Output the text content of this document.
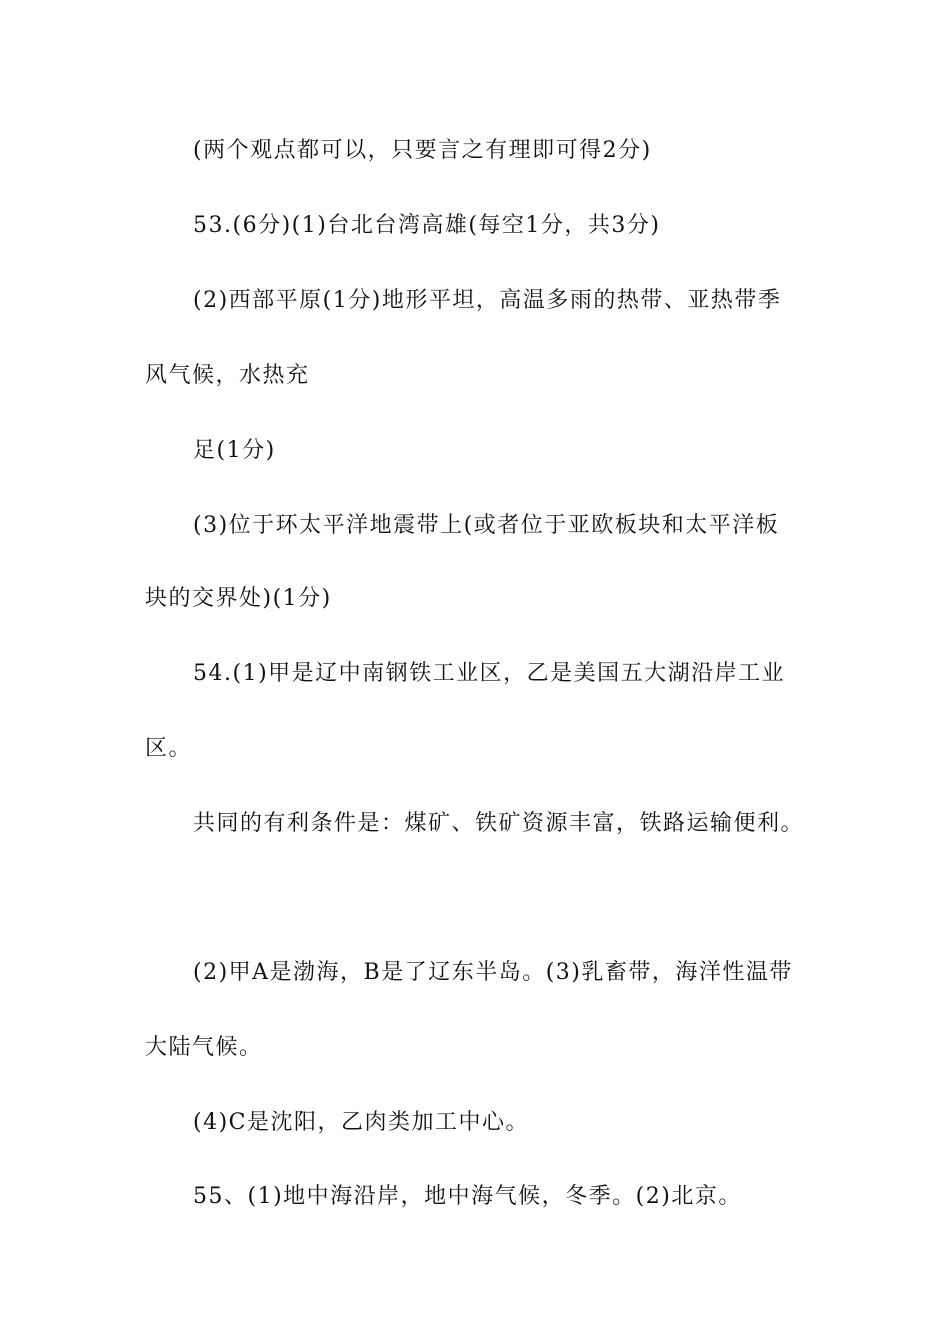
(两个观点都可以，只要言之有理即可得2分)
53.(6分)(1)台北台湾高雄(每空1分，共3分)
(2)西部平原(1分)地形平坦，高温多雨的热带、亚热带季
风气候，水热充
足(1分)
(3)位于环太平洋地震带上(或者位于亚欧板块和太平洋板
块的交界处)(1分)
54.(1)甲是辽中南钢铁工业区，乙是美国五大湖沿岸工业
区。
共同的有利条件是：煤矿、铁矿资源丰富，铁路运输便利。
(2)甲A是渤海，B是了辽东半岛。(3)乳畜带，海洋性温带
大陆气候。
(4)C是沈阳，乙肉类加工中心。
55、(1)地中海沿岸，地中海气候，冬季。(2)北京。
